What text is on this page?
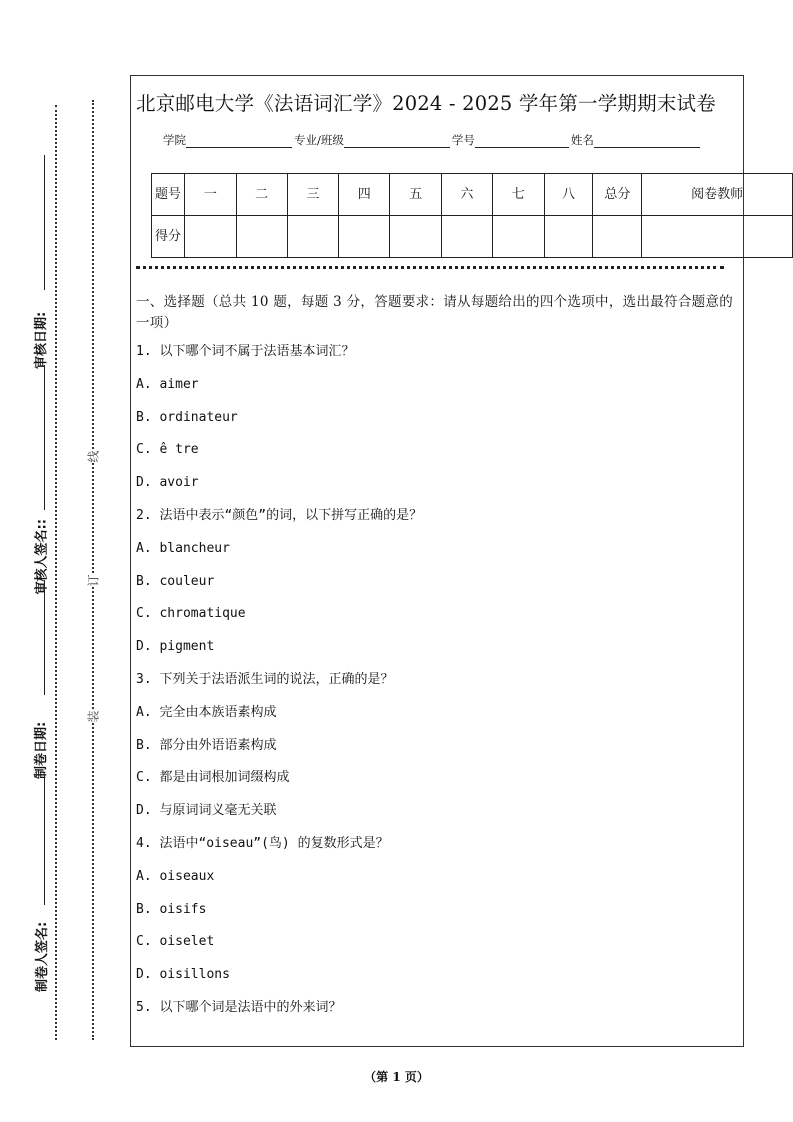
审核日期:
审核人签名::
制卷日期:
制卷人签名:
线
订
装
北京邮电大学《法语词汇学》2024 - 2025 学年第一学期期末试卷
学院	专业/班级	学号	姓名
题号	一	二	三	四	五	六	七	八	总分	阅卷教师
得分										
一、选择题（总共 10 题，每题 3 分，答题要求：请从每题给出的四个选项中，选出最符合题意的一项）
1. 以下哪个词不属于法语基本词汇？
A. aimer
B. ordinateur
C. ê tre
D. avoir
2. 法语中表示“颜色”的词，以下拼写正确的是？
A. blancheur
B. couleur
C. chromatique
D. pigment
3. 下列关于法语派生词的说法，正确的是？
A. 完全由本族语素构成
B. 部分由外语语素构成
C. 都是由词根加词缀构成
D. 与原词词义毫无关联
4. 法语中“oiseau”(鸟) 的复数形式是？
A. oiseaux
B. oisifs
C. oiselet
D. oisillons
5. 以下哪个词是法语中的外来词？
（第 1 页）
